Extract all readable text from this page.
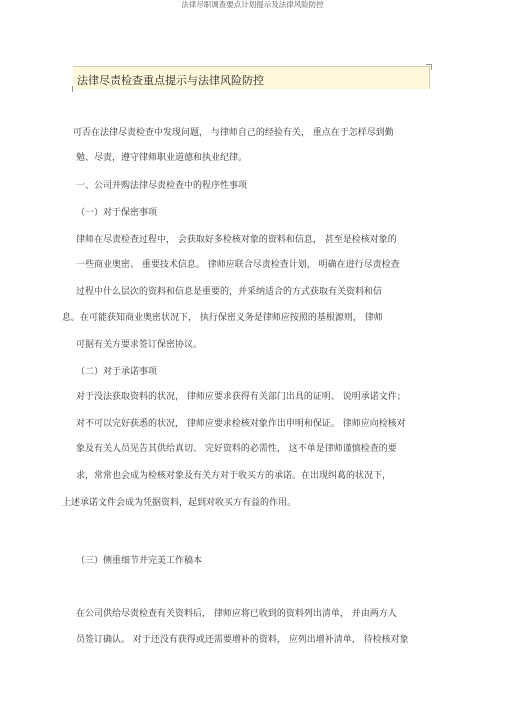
法律尽职调查要点计划提示及法律风险防控
法律尽责检查重点提示与法律风险防控
可否在法律尽责检查中发现问题， 与律师自己的经验有关， 重点在于怎样尽到勤
勉、尽责，遵守律师职业道德和执业纪律。
一、公司并购法律尽责检查中的程序性事项
（一）对于保密事项
律师在尽责检查过程中， 会获取好多检核对象的资料和信息， 甚至是检核对象的
一些商业奥密、 重要技术信息。 律师应联合尽责检查计划， 明确在进行尽责检查
过程中什么层次的资料和信息是重要的，并采纳适合的方式获取有关资料和信
息。在可能获知商业奥密状况下， 执行保密义务是律师应按照的基根源则， 律师
可据有关方要求签订保密协议。
（二）对于承诺事项
对于没法获取资料的状况， 律师应要求获得有关部门出具的证明、 说明承诺文件；
对不可以完好获悉的状况， 律师应要求检核对象作出申明和保证。 律师应向检核对
象及有关人员见告其供给真切、 完好资料的必需性， 这不单是律师谨慎检查的要
求，常常也会成为检核对象及有关方对于收买方的承诺。在出现纠葛的状况下，
上述承诺文件会成为凭据资料，起到对收买方有益的作用。
（三）侧重细节并完美工作稿本
在公司供给尽责检查有关资料后， 律师应将已收到的资料列出清单， 并由两方人
员签订确认。 对于还没有获得或还需要增补的资料， 应列出增补清单， 待检核对象
